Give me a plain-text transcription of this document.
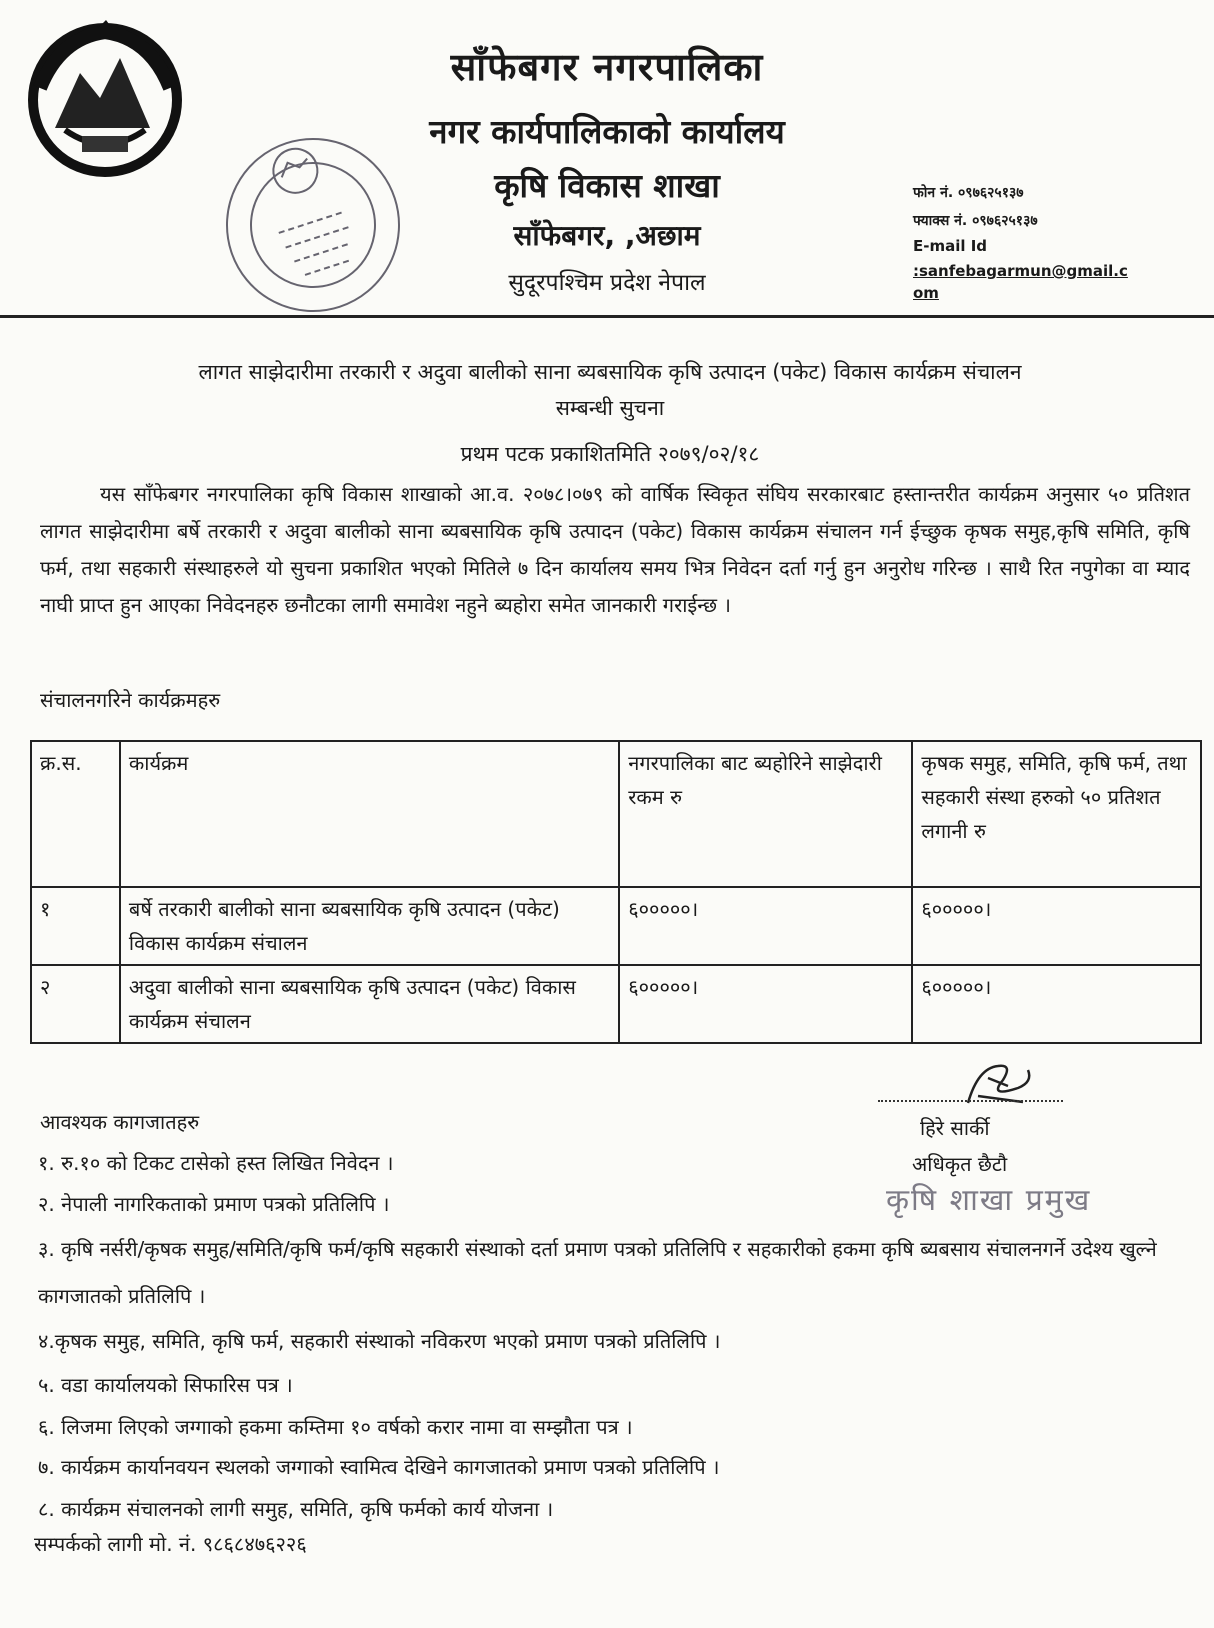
साँफेबगर नगरपालिका
नगर कार्यपालिकाको कार्यालय
कृषि विकास शाखा
साँफेबगर, ,अछाम
सुदूरपश्चिम प्रदेश नेपाल
फोन नं. ०९७६२५१३७
फ्याक्स नं. ०९७६२५१३७
E-mail Id
:sanfebagarmun@gmail.com
लागत साझेदारीमा तरकारी र अदुवा बालीको साना ब्यबसायिक कृषि उत्पादन (पकेट) विकास कार्यक्रम संचालन
सम्बन्धी सुचना
प्रथम पटक प्रकाशितमिति २०७९/०२/१८
यस साँफेबगर नगरपालिका कृषि विकास शाखाको आ.व. २०७८।०७९ को वार्षिक स्विकृत संघिय सरकारबाट हस्तान्तरीत कार्यक्रम अनुसार ५० प्रतिशत लागत साझेदारीमा बर्षे तरकारी र अदुवा बालीको साना ब्यबसायिक कृषि उत्पादन (पकेट) विकास कार्यक्रम संचालन गर्न ईच्छुक कृषक समुह,कृषि समिति, कृषि फर्म, तथा सहकारी संस्थाहरुले यो सुचना प्रकाशित भएको मितिले ७ दिन कार्यालय समय भित्र निवेदन दर्ता गर्नु हुन अनुरोध गरिन्छ । साथै रित नपुगेका वा म्याद नाघी प्राप्त हुन आएका निवेदनहरु छनौटका लागी समावेश नहुने ब्यहोरा समेत जानकारी गराईन्छ ।
संचालनगरिने कार्यक्रमहरु
क्र.स.	कार्यक्रम	नगरपालिका बाट ब्यहोरिने साझेदारी रकम रु	कृषक समुह, समिति, कृषि फर्म, तथा सहकारी संस्था हरुको ५० प्रतिशत लगानी रु
१	बर्षे तरकारी बालीको साना ब्यबसायिक कृषि उत्पादन (पकेट) विकास कार्यक्रम संचालन	६०००००।	६०००००।
२	अदुवा बालीको साना ब्यबसायिक कृषि उत्पादन (पकेट) विकास कार्यक्रम संचालन	६०००००।	६०००००।
हिरे सार्की
अधिकृत छैटौ
कृषि शाखा प्रमुख
आवश्यक कागजातहरु
१. रु.१० को टिकट टासेको हस्त लिखित निवेदन ।
२. नेपाली नागरिकताको प्रमाण पत्रको प्रतिलिपि ।
३. कृषि नर्सरी/कृषक समुह/समिति/कृषि फर्म/कृषि सहकारी संस्थाको दर्ता प्रमाण पत्रको प्रतिलिपि र सहकारीको हकमा कृषि ब्यबसाय संचालनगर्ने उदेश्य खुल्ने कागजातको प्रतिलिपि ।
४.कृषक समुह, समिति, कृषि फर्म, सहकारी संस्थाको नविकरण भएको प्रमाण पत्रको प्रतिलिपि ।
५. वडा कार्यालयको सिफारिस पत्र ।
६. लिजमा लिएको जग्गाको हकमा कम्तिमा १० वर्षको करार नामा वा सम्झौता पत्र ।
७. कार्यक्रम कार्यानवयन स्थलको जग्गाको स्वामित्व देखिने कागजातको प्रमाण पत्रको प्रतिलिपि ।
८. कार्यक्रम संचालनको लागी समुह, समिति, कृषि फर्मको कार्य योजना ।
सम्पर्कको लागी मो. नं. ९८६८४७६२२६
